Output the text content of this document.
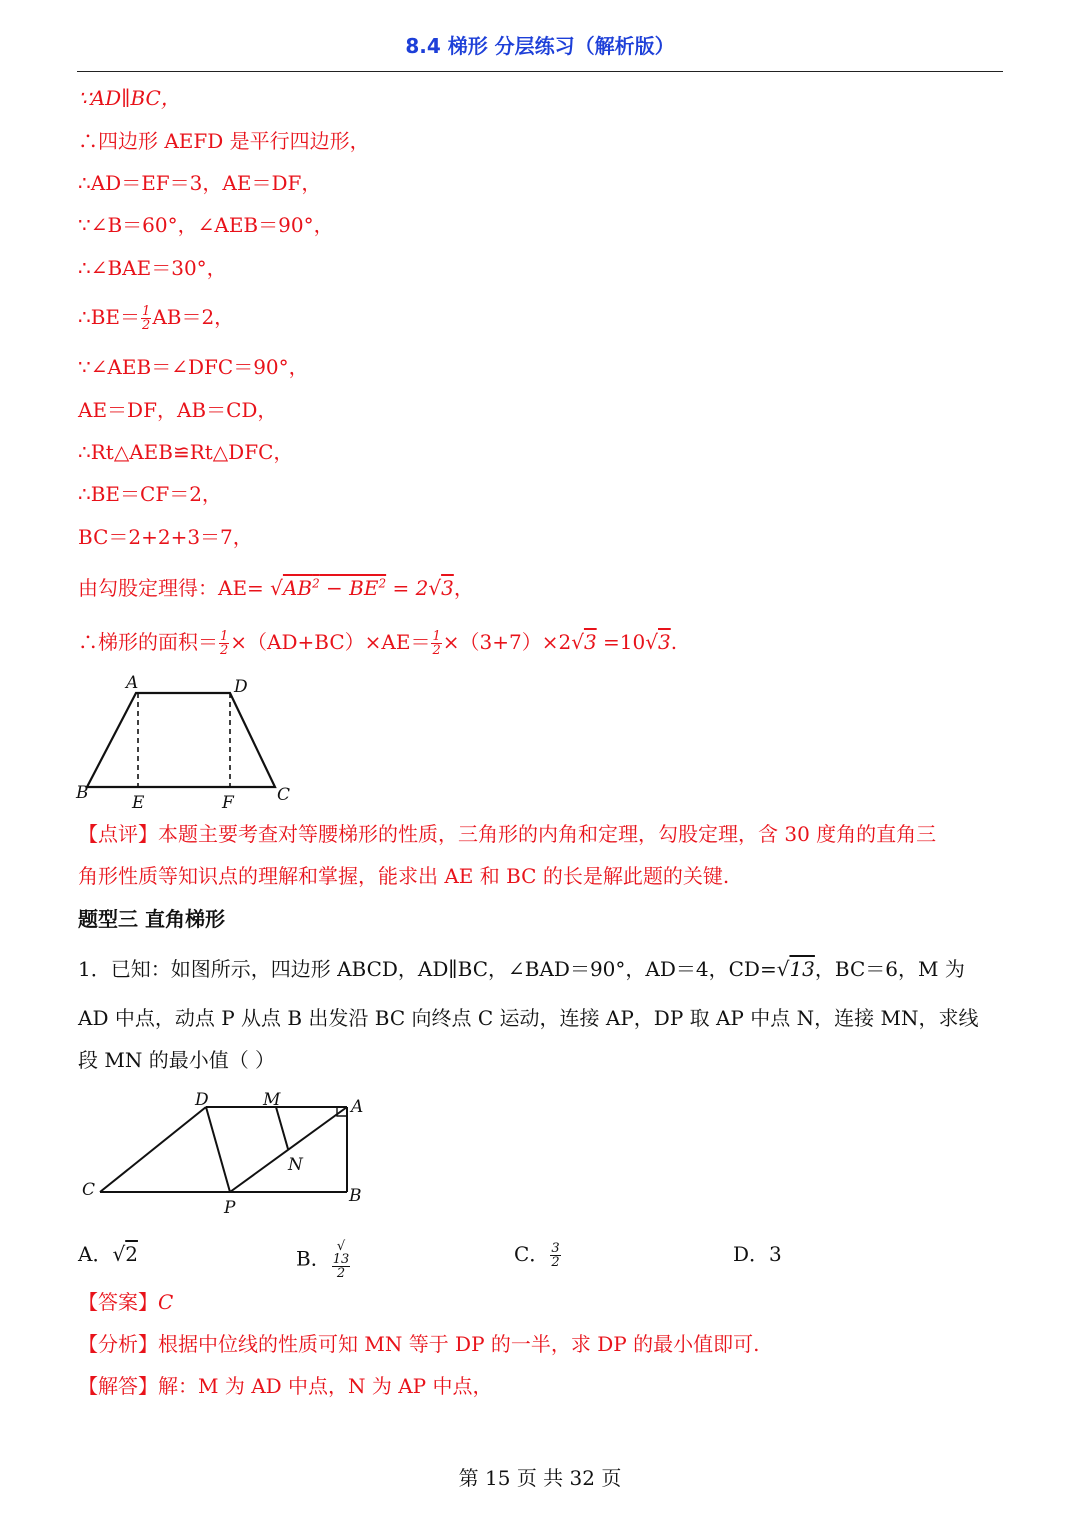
8.4 梯形 分层练习（解析版）
∵AD∥BC，
∴四边形 AEFD 是平行四边形，
∴AD＝EF＝3，AE＝DF，
∵∠B＝60°，∠AEB＝90°，
∴∠BAE＝30°，
∴BE＝ $\frac{1}{2} AB=2$，
∵∠AEB＝∠DFC＝90°，
AE＝DF，AB＝CD，
∴Rt△AEB≌Rt△DFC，
∴BE＝CF＝2，
BC＝2+2+3＝7，
由勾股定理得：$AE= √AB^2 - BE^2 = 2√3$，
∴梯形的面积＝ $\frac{1}{2} \times(AD+BC)\times AE= \frac{1}{2} \times(3+7)\times 2√3 =10√3$.
A	D
B	E	F	C
【点评】本题主要考查对等腰梯形的性质，三角形的内角和定理，勾股定理，含 30 度角的直角三
角形性质等知识点的理解和掌握，能求出 AE 和 BC 的长是解此题的关键.
题型三 直角梯形
1．已知：如图所示，四边形 ABCD，AD∥BC，∠BAD＝90°，AD＝4，CD=√13，BC＝6，M 为
AD 中点，动点 P 从点 B 出发沿 BC 向终点 C 运动，连接 AP，DP 取 AP 中点 N，连接 MN，求线
段 MN 的最小值（ ）
D	M	A
C
N
P
B
A．√2	B． √
13
2	C． $\frac{3}{2}$	D．3
【答案】C
【分析】根据中位线的性质可知 MN 等于 DP 的一半，求 DP 的最小值即可.
【解答】解：M 为 AD 中点，N 为 AP 中点，
第 15 页 共 32 页
